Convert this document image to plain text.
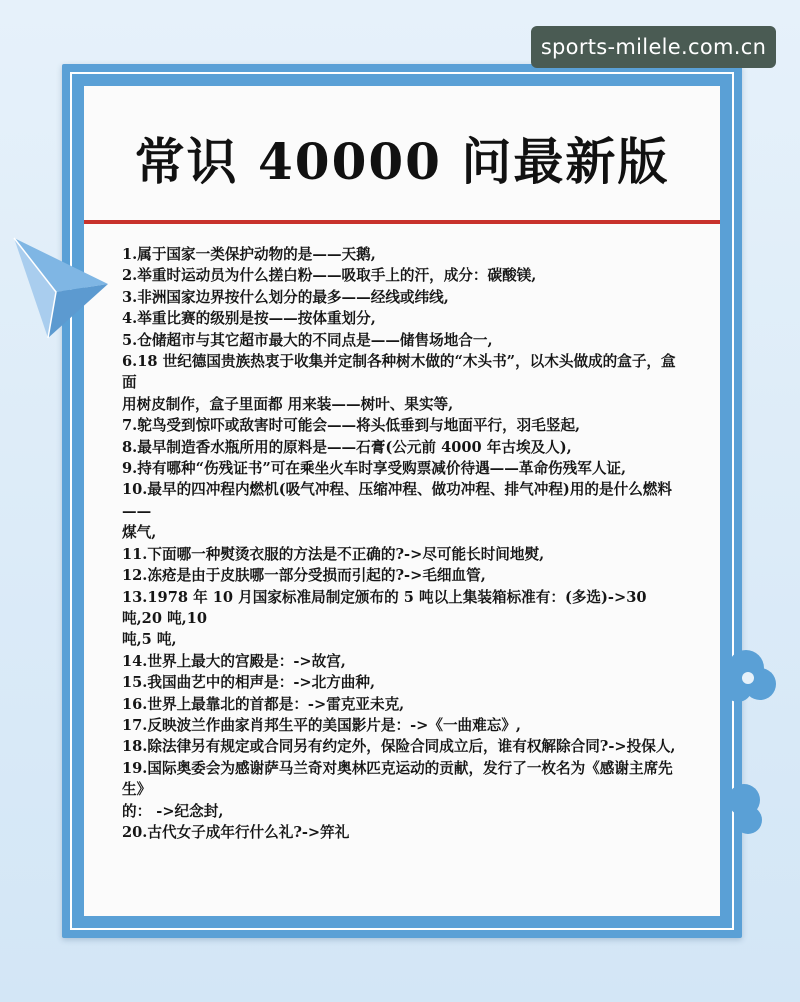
sports-milele.com.cn
常识 40000 问最新版
1.属于国家一类保护动物的是——天鹅,
2.举重时运动员为什么搓白粉——吸取手上的汗，成分：碳酸镁,
3.非洲国家边界按什么划分的最多——经线或纬线,
4.举重比赛的级别是按——按体重划分,
5.仓储超市与其它超市最大的不同点是——储售场地合一,
6.18 世纪德国贵族热衷于收集并定制各种树木做的“木头书”，以木头做成的盒子，盒面
用树皮制作，盒子里面都 用来装——树叶、果实等,
7.鸵鸟受到惊吓或敌害时可能会——将头低垂到与地面平行，羽毛竖起,
8.最早制造香水瓶所用的原料是——石膏(公元前 4000 年古埃及人),
9.持有哪种“伤残证书”可在乘坐火车时享受购票减价待遇——革命伤残军人证,
10.最早的四冲程内燃机(吸气冲程、压缩冲程、做功冲程、排气冲程)用的是什么燃料——
煤气,
11.下面哪一种熨烫衣服的方法是不正确的?->尽可能长时间地熨,
12.冻疮是由于皮肤哪一部分受损而引起的?->毛细血管,
13.1978 年 10 月国家标准局制定颁布的 5 吨以上集装箱标准有：(多选)->30 吨,20 吨,10
吨,5 吨,
14.世界上最大的宫殿是：->故宫,
15.我国曲艺中的相声是：->北方曲种,
16.世界上最靠北的首都是：->雷克亚未克,
17.反映波兰作曲家肖邦生平的美国影片是：->《一曲难忘》,
18.除法律另有规定或合同另有约定外，保险合同成立后，谁有权解除合同?->投保人,
19.国际奥委会为感谢萨马兰奇对奥林匹克运动的贡献，发行了一枚名为《感谢主席先生》
的： ->纪念封,
20.古代女子成年行什么礼?->笄礼
